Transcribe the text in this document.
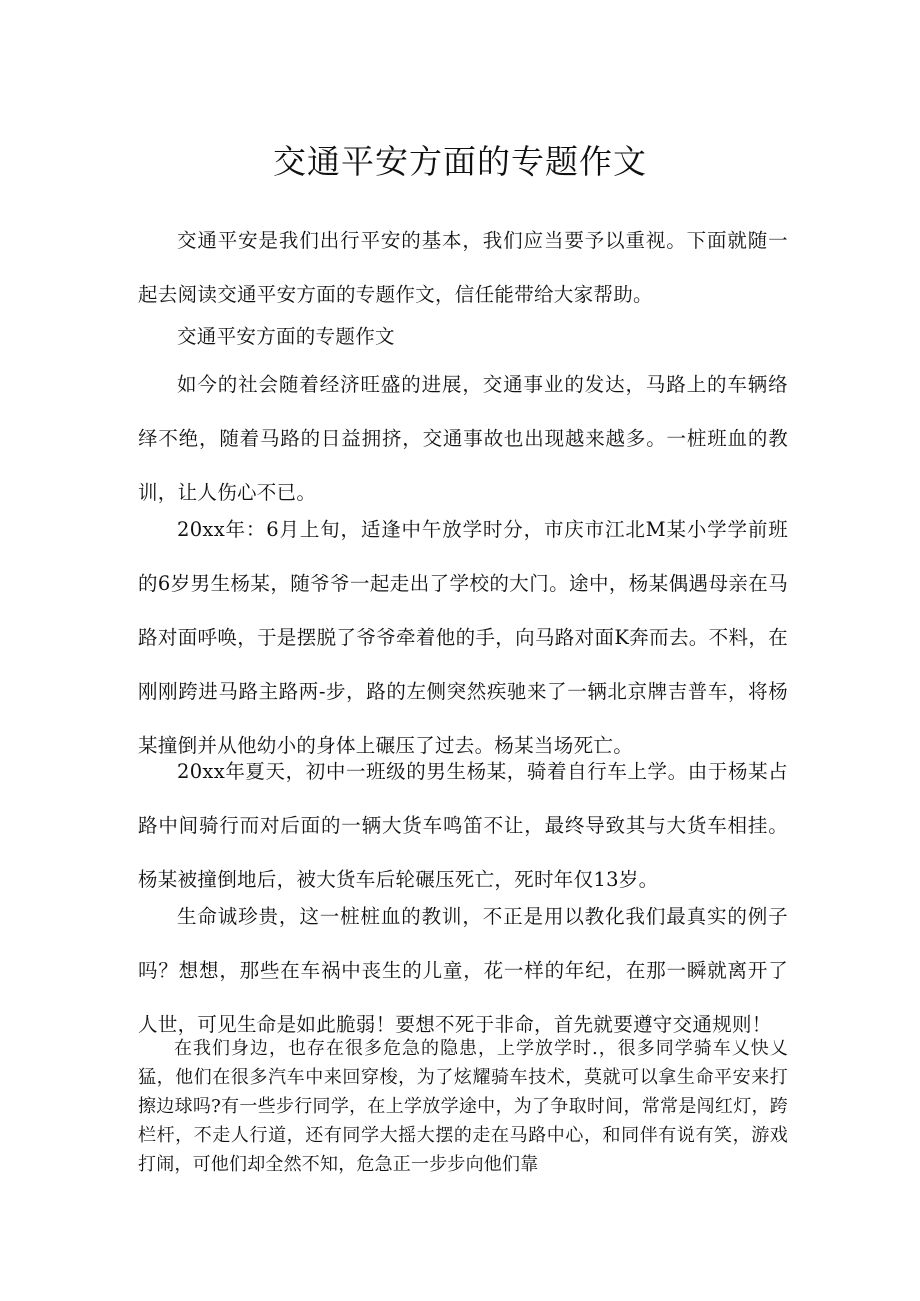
交通平安方面的专题作文

交通平安是我们出行平安的基本，我们应当要予以重视。下面就随一起去阅读交通平安方面的专题作文，信任能带给大家帮助。

交通平安方面的专题作文

如今的社会随着经济旺盛的进展，交通事业的发达，马路上的车辆络绎不绝，随着马路的日益拥挤，交通事故也出现越来越多。一桩班血的教训，让人伤心不已。

20xx年：6月上旬，适逢中午放学时分，市庆市江北M某小学学前班的6岁男生杨某，随爷爷一起走出了学校的大门。途中，杨某偶遇母亲在马路对面呼唤，于是摆脱了爷爷牵着他的手，向马路对面K奔而去。不料，在刚刚跨进马路主路两-步，路的左侧突然疾驰来了一辆北京牌吉普车，将杨某撞倒并从他幼小的身体上碾压了过去。杨某当场死亡。

20xx年夏天，初中一班级的男生杨某，骑着自行车上学。由于杨某占路中间骑行而对后面的一辆大货车鸣笛不让，最终导致其与大货车相挂。杨某被撞倒地后，被大货车后轮碾压死亡，死时年仅13岁。

生命诚珍贵，这一桩桩血的教训，不正是用以教化我们最真实的例子吗？想想，那些在车祸中丧生的儿童，花一样的年纪，在那一瞬就离开了人世，可见生命是如此脆弱！要想不死于非命，首先就要遵守交通规则！

在我们身边，也存在很多危急的隐患，上学放学时.，很多同学骑车乂快乂猛，他们在很多汽车中来回穿梭，为了炫耀骑车技术，莫就可以拿生命平安来打擦边球吗?有一些步行同学，在上学放学途中，为了争取时间，常常是闯红灯，跨栏杆，不走人行道，还有同学大摇大摆的走在马路中心，和同伴有说有笑，游戏打闹，可他们却全然不知，危急正一步步向他们靠
